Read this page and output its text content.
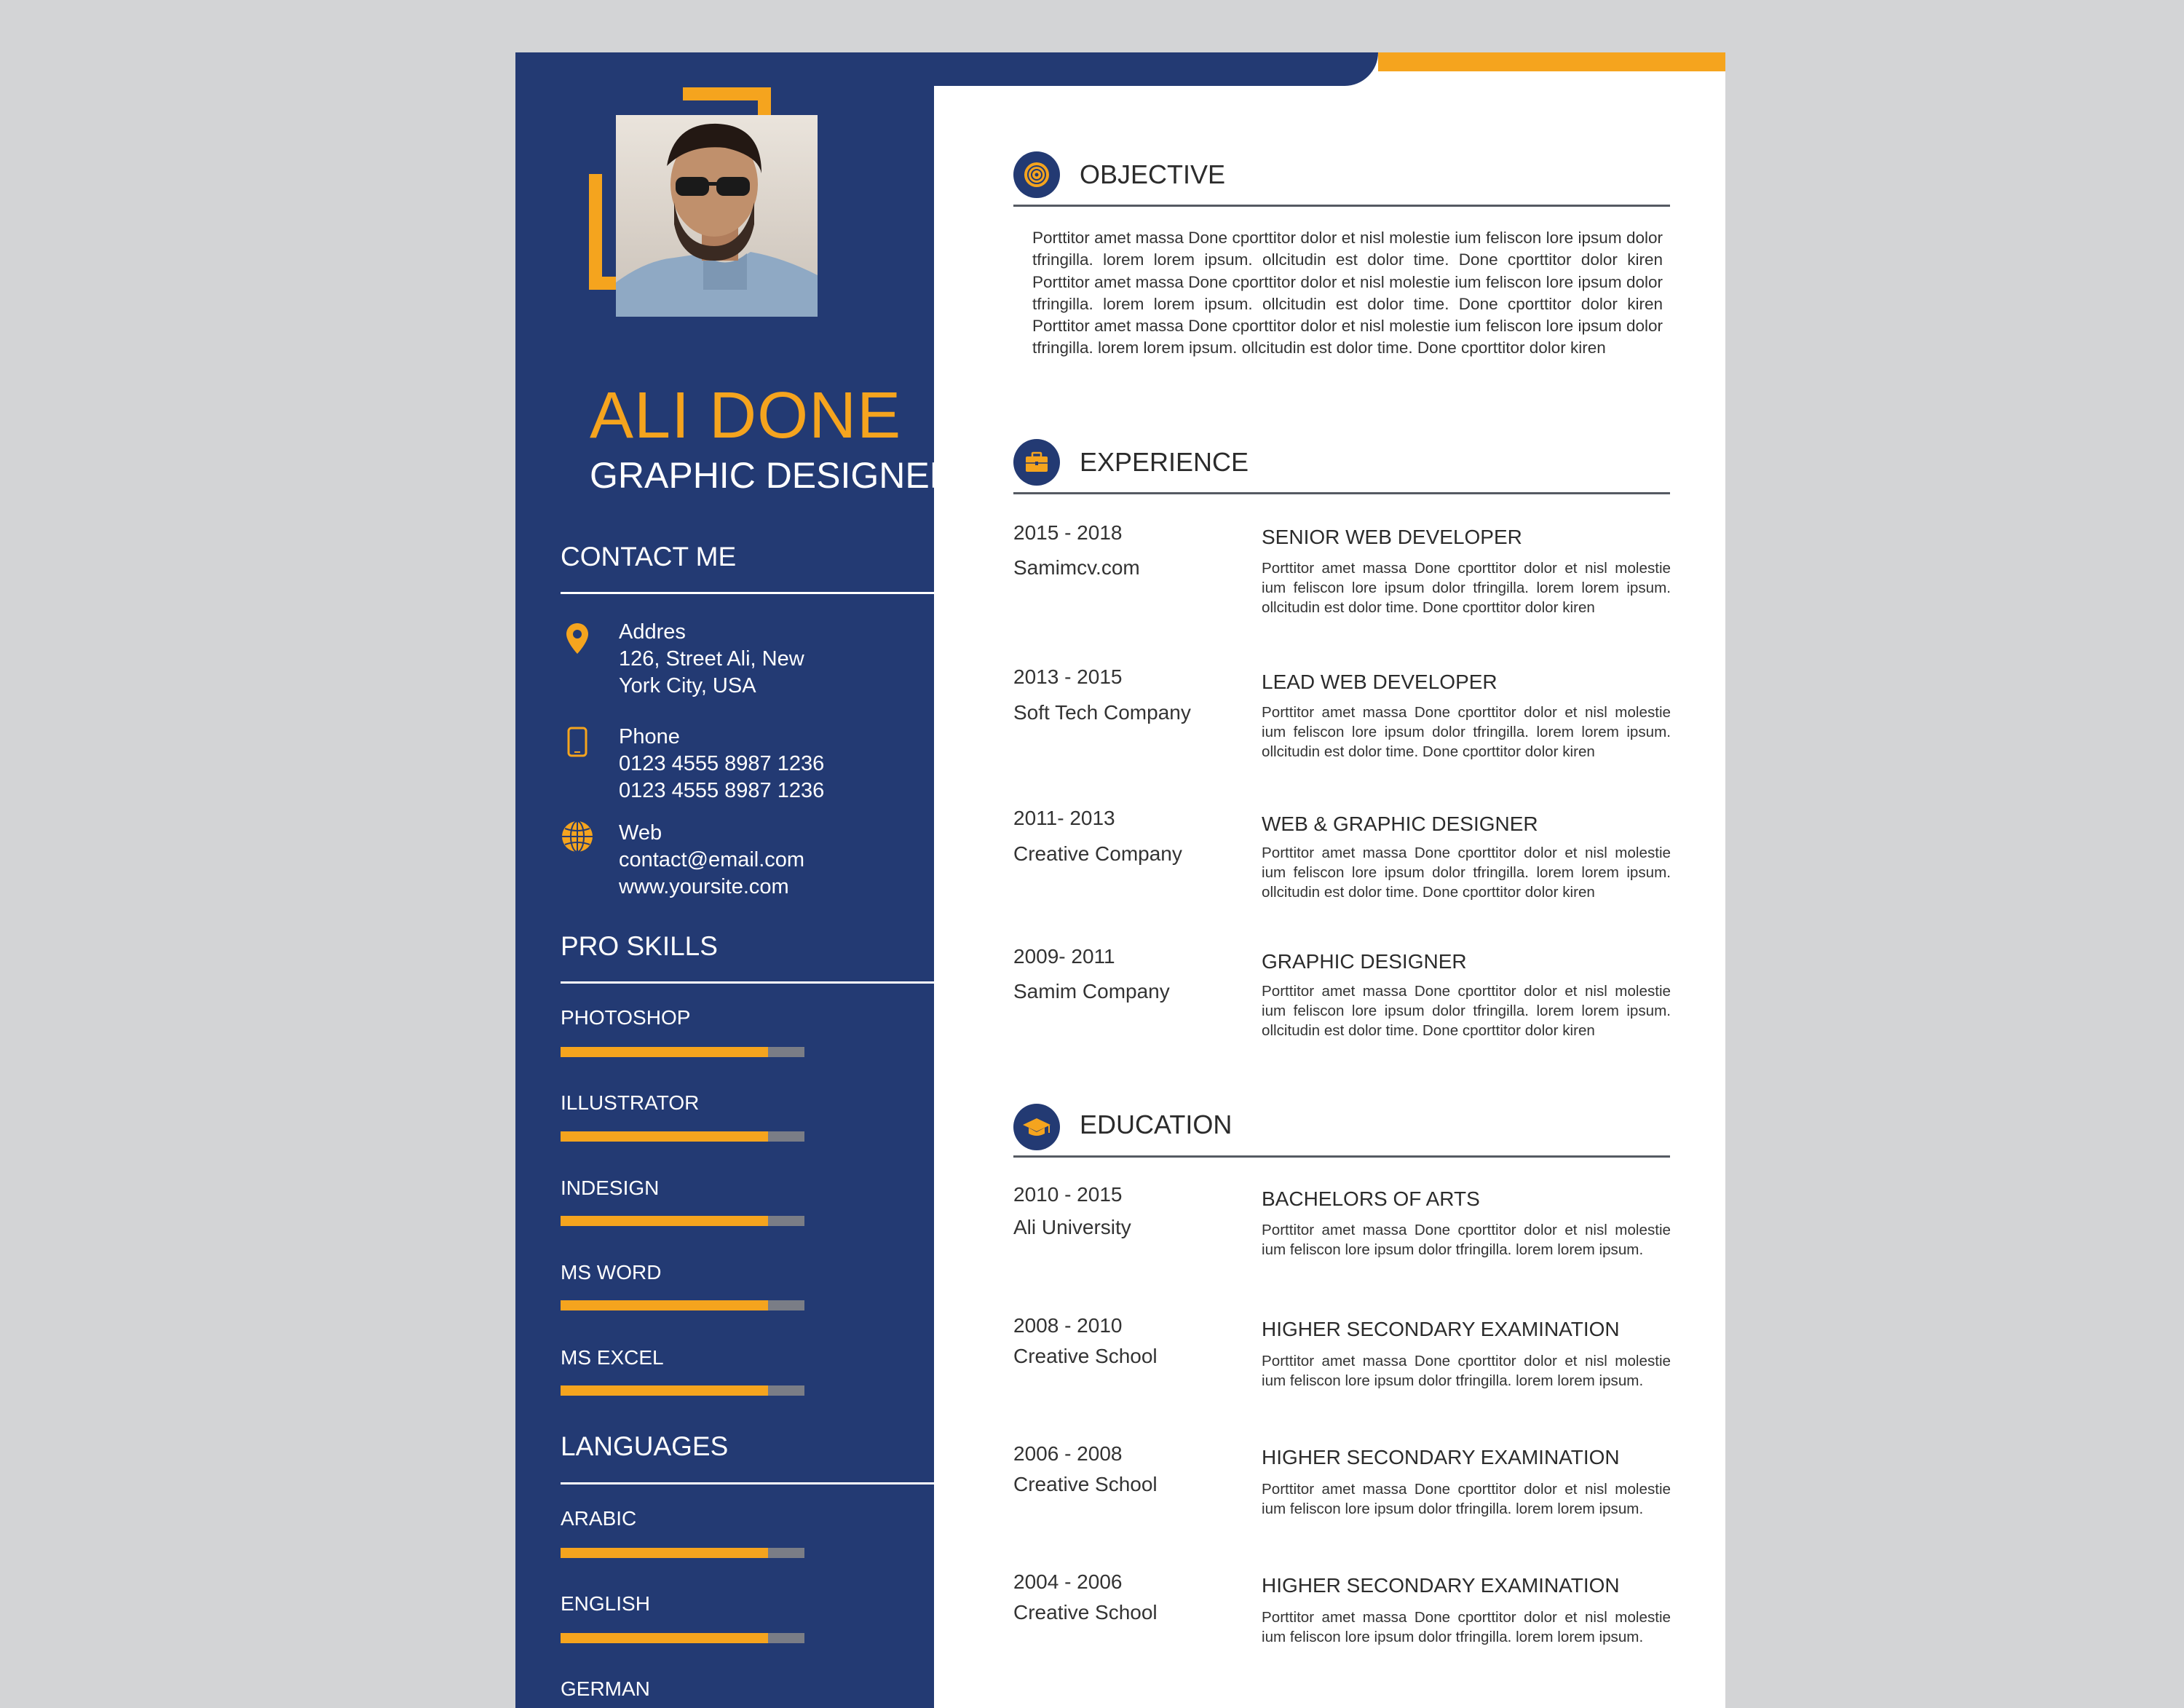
ALI DONE
GRAPHIC DESIGNER
CONTACT ME
Addres
126, Street Ali, New
York City, USA
Phone
0123 4555 8987 1236
0123 4555 8987 1236
Web
contact@email.com
www.yoursite.com
PRO SKILLS
PHOTOSHOP
ILLUSTRATOR
INDESIGN
MS WORD
MS EXCEL
LANGUAGES
ARABIC
ENGLISH
GERMAN
OBJECTIVE
Porttitor amet massa Done cporttitor dolor et nisl molestie ium feliscon lore ipsum dolor tfringilla. lorem lorem ipsum. ollcitudin est dolor time. Done cporttitor dolor kiren Porttitor amet massa Done cporttitor dolor et nisl molestie ium feliscon lore ipsum dolor tfringilla. lorem lorem ipsum. ollcitudin est dolor time. Done cporttitor dolor kiren Porttitor amet massa Done cporttitor dolor et nisl molestie ium feliscon lore ipsum dolor tfringilla. lorem lorem ipsum. ollcitudin est dolor time. Done cporttitor dolor kiren
EXPERIENCE
2015 - 2018
Samimcv.com
SENIOR WEB DEVELOPER
Porttitor amet massa Done cporttitor dolor et nisl molestie ium feliscon lore ipsum dolor tfringilla. lorem lorem ipsum. ollcitudin est dolor time. Done cporttitor dolor kiren
2013 - 2015
Soft Tech Company
LEAD WEB DEVELOPER
Porttitor amet massa Done cporttitor dolor et nisl molestie ium feliscon lore ipsum dolor tfringilla. lorem lorem ipsum. ollcitudin est dolor time. Done cporttitor dolor kiren
2011- 2013
Creative Company
WEB & GRAPHIC DESIGNER
Porttitor amet massa Done cporttitor dolor et nisl molestie ium feliscon lore ipsum dolor tfringilla. lorem lorem ipsum. ollcitudin est dolor time. Done cporttitor dolor kiren
2009- 2011
Samim Company
GRAPHIC DESIGNER
Porttitor amet massa Done cporttitor dolor et nisl molestie ium feliscon lore ipsum dolor tfringilla. lorem lorem ipsum. ollcitudin est dolor time. Done cporttitor dolor kiren
EDUCATION
2010 - 2015
Ali University
BACHELORS OF ARTS
Porttitor amet massa Done cporttitor dolor et nisl molestie ium feliscon lore ipsum dolor tfringilla. lorem lorem ipsum.
2008 - 2010
Creative School
HIGHER SECONDARY EXAMINATION
Porttitor amet massa Done cporttitor dolor et nisl molestie ium feliscon lore ipsum dolor tfringilla. lorem lorem ipsum.
2006 - 2008
Creative School
HIGHER SECONDARY EXAMINATION
Porttitor amet massa Done cporttitor dolor et nisl molestie ium feliscon lore ipsum dolor tfringilla. lorem lorem ipsum.
2004 - 2006
Creative School
HIGHER SECONDARY EXAMINATION
Porttitor amet massa Done cporttitor dolor et nisl molestie ium feliscon lore ipsum dolor tfringilla. lorem lorem ipsum.
